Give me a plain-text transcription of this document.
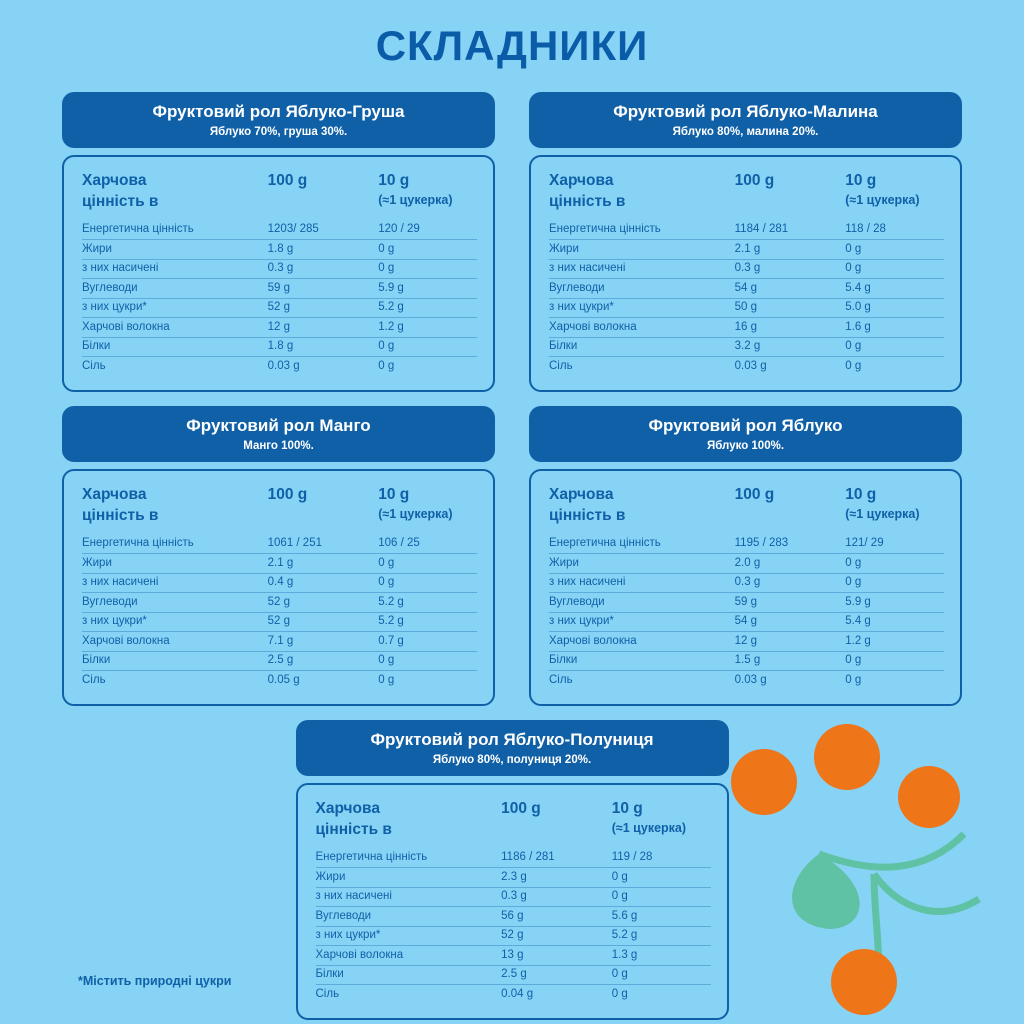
СКЛАДНИКИ
Фруктовий рол Яблуко-Груша
Яблуко 70%, груша 30%.
Харчова
цінність в	100 g	10 g
(≈1 цукерка)

Енергетична цінність	1203/ 285	120 / 29
Жири	1.8 g	0 g
з них насичені	0.3 g	0 g
Вуглеводи	59 g	5.9 g
з них цукри*	52 g	5.2 g
Харчові волокна	12 g	1.2 g
Білки	1.8 g	0 g
Сіль	0.03 g	0 g
Фруктовий рол Яблуко-Малина
Яблуко 80%, малина 20%.
Харчова
цінність в	100 g	10 g
(≈1 цукерка)

Енергетична цінність	1184 / 281	118 / 28
Жири	2.1 g	0 g
з них насичені	0.3 g	0 g
Вуглеводи	54 g	5.4 g
з них цукри*	50 g	5.0 g
Харчові волокна	16 g	1.6 g
Білки	3.2 g	0 g
Сіль	0.03 g	0 g
Фруктовий рол Манго
Манго 100%.
Харчова
цінність в	100 g	10 g
(≈1 цукерка)

Енергетична цінність	1061 / 251	106 / 25
Жири	2.1 g	0 g
з них насичені	0.4 g	0 g
Вуглеводи	52 g	5.2 g
з них цукри*	52 g	5.2 g
Харчові волокна	7.1 g	0.7 g
Білки	2.5 g	0 g
Сіль	0.05 g	0 g
Фруктовий рол Яблуко
Яблуко 100%.
Харчова
цінність в	100 g	10 g
(≈1 цукерка)

Енергетична цінність	1195 / 283	121/ 29
Жири	2.0 g	0 g
з них насичені	0.3 g	0 g
Вуглеводи	59 g	5.9 g
з них цукри*	54 g	5.4 g
Харчові волокна	12 g	1.2 g
Білки	1.5 g	0 g
Сіль	0.03 g	0 g
Фруктовий рол Яблуко-Полуниця
Яблуко 80%, полуниця 20%.
Харчова
цінність в	100 g	10 g
(≈1 цукерка)

Енергетична цінність	1186 / 281	119 / 28
Жири	2.3 g	0 g
з них насичені	0.3 g	0 g
Вуглеводи	56 g	5.6 g
з них цукри*	52 g	5.2 g
Харчові волокна	13 g	1.3 g
Білки	2.5 g	0 g
Сіль	0.04 g	0 g
*Містить природні цукри
